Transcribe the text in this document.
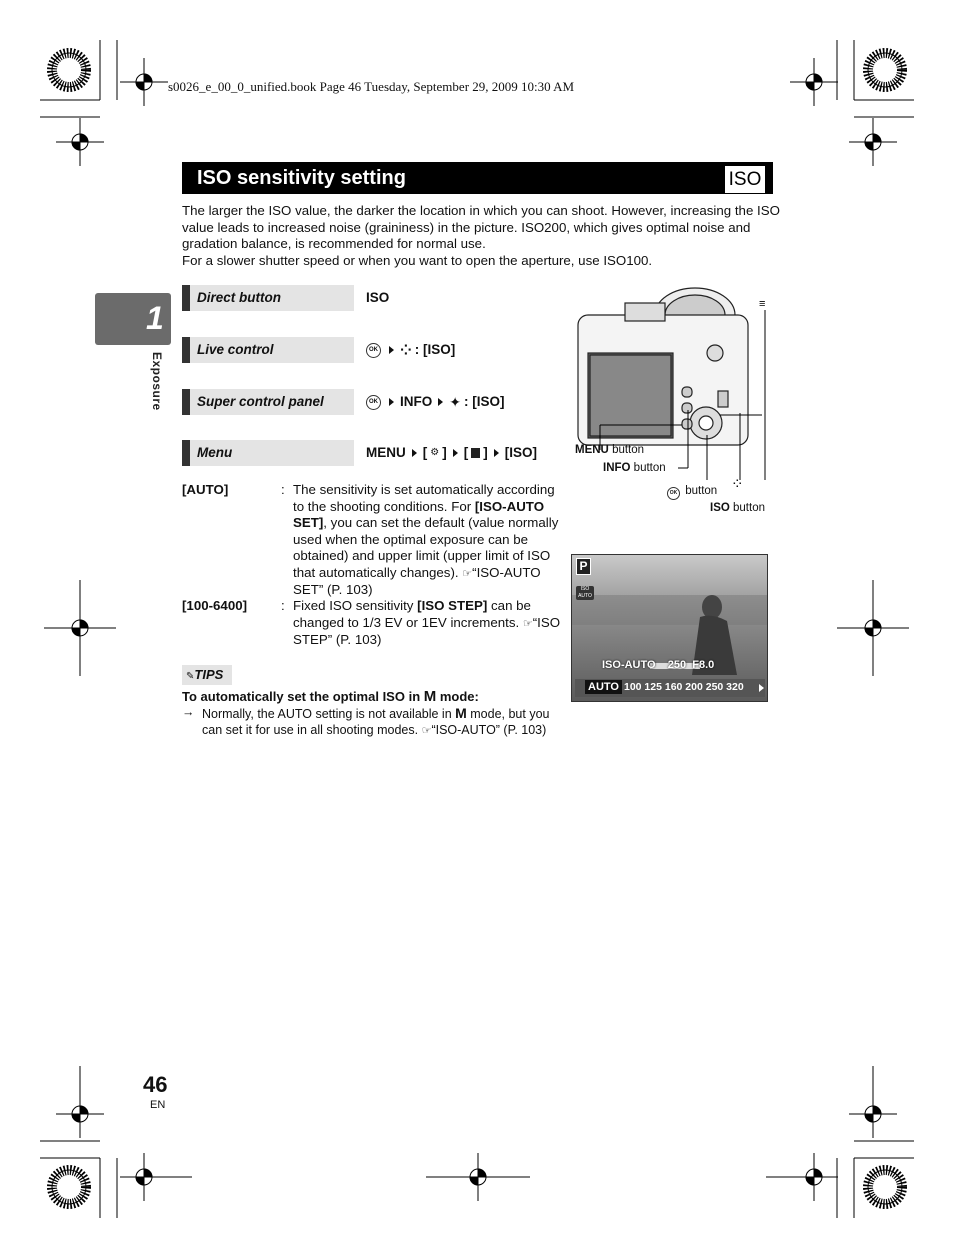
s0026_e_00_0_unified.book Page 46 Tuesday, September 29, 2009 10:30 AM
ISO sensitivity setting	ISO

The larger the ISO value, the darker the location in which you can shoot. However, increasing the ISO value leads to increased noise (graininess) in the picture. ISO200, which gives optimal noise and gradation balance, is recommended for normal use.

For a slower shutter speed or when you want to open the aperture, use ISO100.

1
Exposure
Direct button	ISO
Live control	OK ⁘ : [ISO]
Super control panel	OK INFO ✦ : [ISO]
Menu	MENU [ ⚙ ] [ ] [ISO]
[AUTO]	: The sensitivity is set automatically according to the shooting conditions. For [ISO-AUTO SET], you can set the default (value normally used when the optimal exposure can be obtained) and upper limit (upper limit of ISO that automatically changes). ☞“ISO-AUTO SET” (P. 103)
[100-6400]	: Fixed ISO sensitivity [ISO STEP] can be changed to 1/3 EV or 1EV increments. ☞“ISO STEP” (P. 103)
✎TIPS
To automatically set the optimal ISO in M mode:
→ Normally, the AUTO setting is not available in M mode, but you can set it for use in all shooting modes. ☞“ISO-AUTO” (P. 103)
≡
MENU button
INFO button
OK button ⁘
ISO button
P
ISO AUTO
ISO-AUTO    250  F8.0
AUTO 100 125 160 200 250 320
46
EN
